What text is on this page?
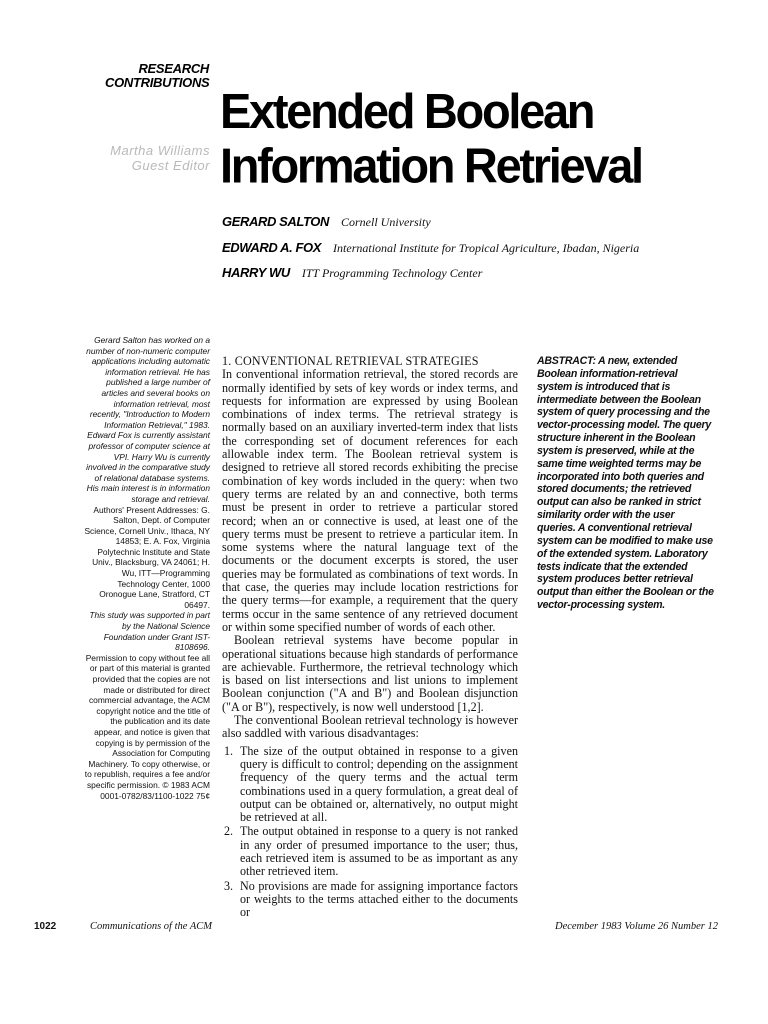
RESEARCH
CONTRIBUTIONS
Martha Williams
Guest Editor
Extended Boolean
Information Retrieval
GERARD SALTON Cornell University
EDWARD A. FOX International Institute for Tropical Agriculture, Ibadan, Nigeria
HARRY WU ITT Programming Technology Center

Gerard Salton has worked on a number of non-numeric computer applications including automatic information retrieval. He has published a large number of articles and several books on information retrieval, most recently, "Introduction to Modern Information Retrieval," 1983. Edward Fox is currently assistant professor of computer science at VPI. Harry Wu is currently involved in the comparative study of relational database systems. His main interest is in information storage and retrieval.

Authors' Present Addresses: G. Salton, Dept. of Computer Science, Cornell Univ., Ithaca, NY 14853; E. A. Fox, Virginia Polytechnic Institute and State Univ., Blacksburg, VA 24061; H. Wu, ITT—Programming Technology Center, 1000 Oronogue Lane, Stratford, CT 06497.

This study was supported in part by the National Science Foundation under Grant IST-8108696.

Permission to copy without fee all or part of this material is granted provided that the copies are not made or distributed for direct commercial advantage, the ACM copyright notice and the title of the publication and its date appear, and notice is given that copying is by permission of the Association for Computing Machinery. To copy otherwise, or to republish, requires a fee and/or specific permission. © 1983 ACM 0001-0782/83/1100-1022 75¢

1. CONVENTIONAL RETRIEVAL STRATEGIES

In conventional information retrieval, the stored records are normally identified by sets of key words or index terms, and requests for information are expressed by using Boolean combinations of index terms. The retrieval strategy is normally based on an auxiliary inverted-term index that lists the corresponding set of document references for each allowable index term. The Boolean retrieval system is designed to retrieve all stored records exhibiting the precise combination of key words included in the query: when two query terms are related by an and connective, both terms must be present in order to retrieve a particular stored record; when an or connective is used, at least one of the query terms must be present to retrieve a particular item. In some systems where the natural language text of the documents or the document excerpts is stored, the user queries may be formulated as combinations of text words. In that case, the queries may include location restrictions for the query terms—for example, a requirement that the query terms occur in the same sentence of any retrieved document or within some specified number of words of each other.

Boolean retrieval systems have become popular in operational situations because high standards of performance are achievable. Furthermore, the retrieval technology which is based on list intersections and list unions to implement Boolean conjunction ("A and B") and Boolean disjunction ("A or B"), respectively, is now well understood [1,2].

The conventional Boolean retrieval technology is however also saddled with various disadvantages:

1. The size of the output obtained in response to a given query is difficult to control; depending on the assignment frequency of the query terms and the actual term combinations used in a query formulation, a great deal of output can be obtained or, alternatively, no output might be retrieved at all.
2. The output obtained in response to a query is not ranked in any order of presumed importance to the user; thus, each retrieved item is assumed to be as important as any other retrieved item.
3. No provisions are made for assigning importance factors or weights to the terms attached either to the documents or
ABSTRACT: A new, extended Boolean information-retrieval system is introduced that is intermediate between the Boolean system of query processing and the vector-processing model. The query structure inherent in the Boolean system is preserved, while at the same time weighted terms may be incorporated into both queries and stored documents; the retrieved output can also be ranked in strict similarity order with the user queries. A conventional retrieval system can be modified to make use of the extended system. Laboratory tests indicate that the extended system produces better retrieval output than either the Boolean or the vector-processing system.
1022	Communications of the ACM	December 1983 Volume 26 Number 12
